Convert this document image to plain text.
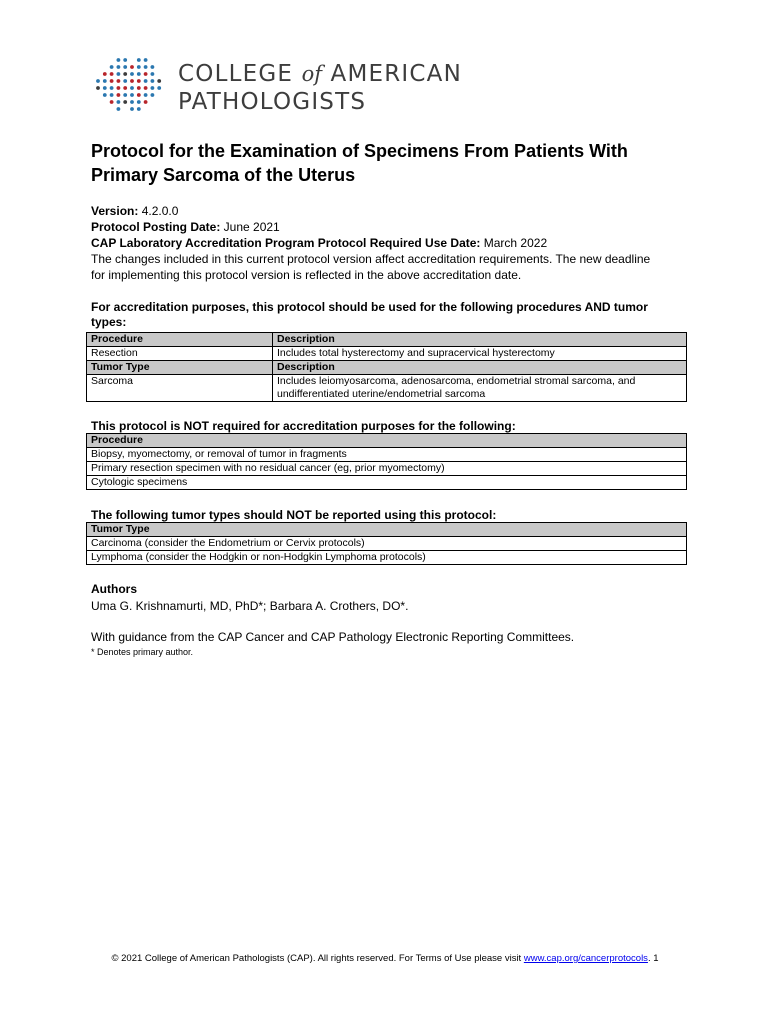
COLLEGE of AMERICAN
PATHOLOGISTS
Protocol for the Examination of Specimens From Patients With
Primary Sarcoma of the Uterus
Version: 4.2.0.0
Protocol Posting Date: June 2021
CAP Laboratory Accreditation Program Protocol Required Use Date: March 2022
The changes included in this current protocol version affect accreditation requirements. The new deadline
for implementing this protocol version is reflected in the above accreditation date.
For accreditation purposes, this protocol should be used for the following procedures AND tumor
types:
Procedure	Description
Resection	Includes total hysterectomy and supracervical hysterectomy
Tumor Type	Description
Sarcoma	Includes leiomyosarcoma, adenosarcoma, endometrial stromal sarcoma, and undifferentiated uterine/endometrial sarcoma
This protocol is NOT required for accreditation purposes for the following:
Procedure
Biopsy, myomectomy, or removal of tumor in fragments
Primary resection specimen with no residual cancer (eg, prior myomectomy)
Cytologic specimens
The following tumor types should NOT be reported using this protocol:
Tumor Type
Carcinoma (consider the Endometrium or Cervix protocols)
Lymphoma (consider the Hodgkin or non-Hodgkin Lymphoma protocols)
Authors
Uma G. Krishnamurti, MD, PhD*; Barbara A. Crothers, DO*.
With guidance from the CAP Cancer and CAP Pathology Electronic Reporting Committees.
* Denotes primary author.
© 2021 College of American Pathologists (CAP). All rights reserved. For Terms of Use please visit www.cap.org/cancerprotocols. 1
